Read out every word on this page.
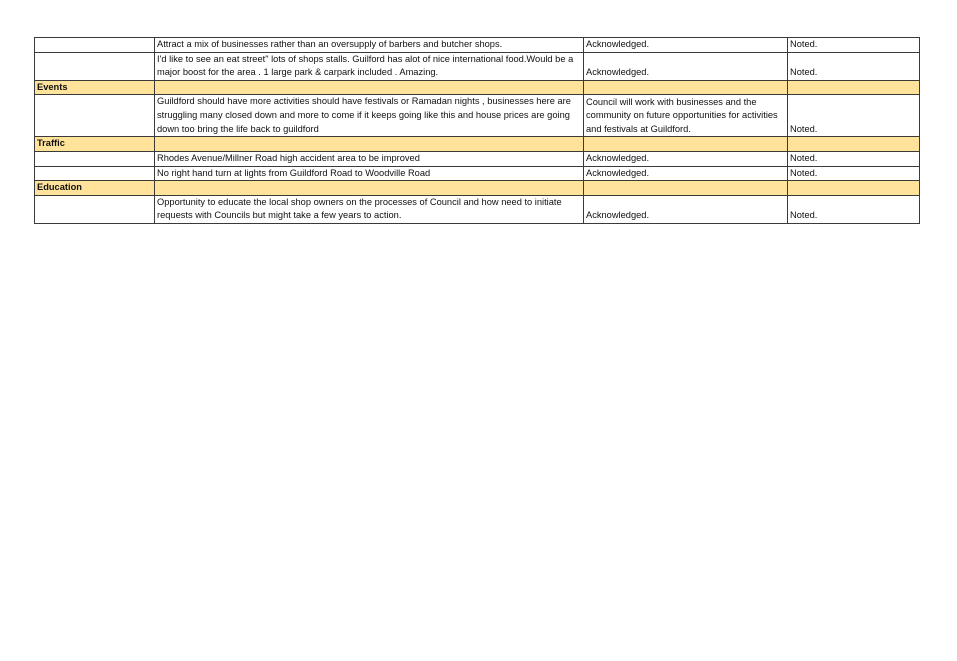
	Attract a mix of businesses rather than an oversupply of barbers and butcher shops.	Acknowledged.	Noted.
	I'd like to see an eat street" lots of shops stalls. Guilford has alot of nice international food.Would be a major boost for the area . 1 large park & carpark included . Amazing.	Acknowledged.	Noted.
Events			
	Guildford should have more activities should have festivals or Ramadan nights , businesses here are struggling many closed down and more to come if it keeps going like this and house prices are going down too bring the life back to guildford	Council will work with businesses and the community on future opportunities for activities and festivals at Guildford.	Noted.
Traffic			
	Rhodes Avenue/Millner Road high accident area to be improved	Acknowledged.	Noted.
	No right hand turn at lights from Guildford Road to Woodville Road	Acknowledged.	Noted.
Education			
	Opportunity to educate the local shop owners on the processes of Council and how need to initiate requests with Councils but might take a few years to action.	Acknowledged.	Noted.
